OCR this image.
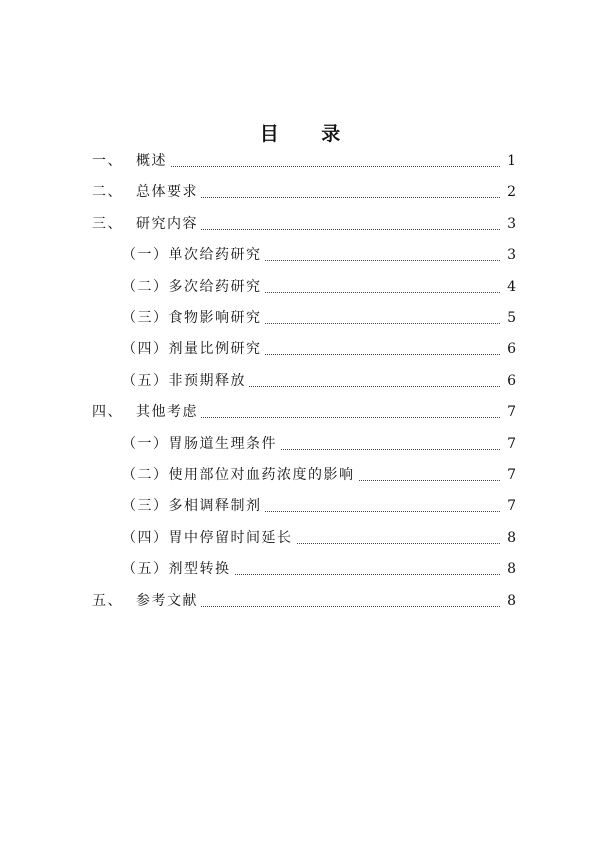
目 录
一、 概述	1
二、 总体要求	2
三、 研究内容	3
（一）单次给药研究	3
（二）多次给药研究	4
（三）食物影响研究	5
（四）剂量比例研究	6
（五）非预期释放	6
四、 其他考虑	7
（一）胃肠道生理条件	7
（二）使用部位对血药浓度的影响	7
（三）多相调释制剂	7
（四）胃中停留时间延长	8
（五）剂型转换	8
五、 参考文献	8
